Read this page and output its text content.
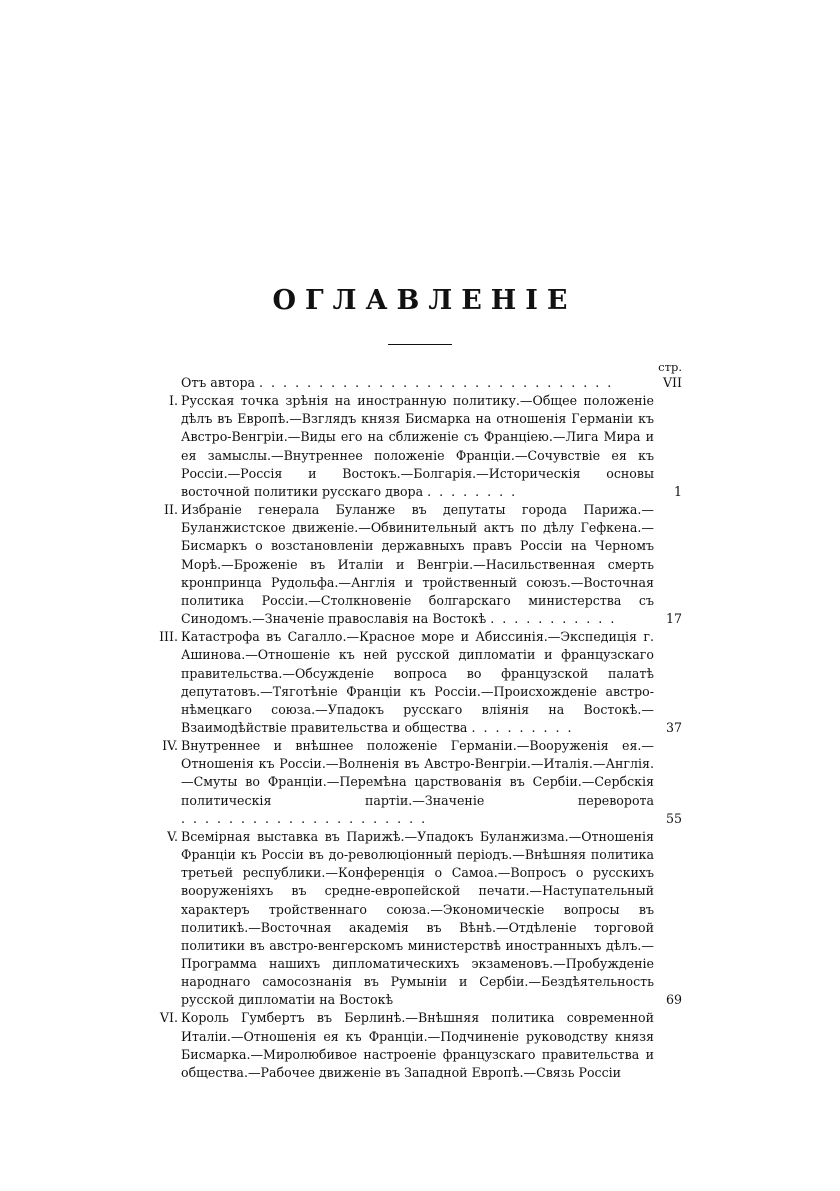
ОГЛАВЛЕНIЕ
стр.
Отъ автора . . . . . . . . . . . . . . . . . . . . . . . . . . . . . .	VII
I. Русская точка зрѣнія на иностранную политику.—Общее положеніе дѣлъ въ Европѣ.—Взглядъ князя Бисмарка на отношенія Германіи къ Австро-Венгріи.—Виды его на сближеніе съ Франціею.—Лига Мира и ея замыслы.—Внутреннее положеніе Франціи.—Сочувствіе ея къ Россіи.—Россія и Востокъ.—Болгарія.—Историческія основы восточной политики русскаго двора . . . . . . . .	1
II. Избраніе генерала Буланже въ депутаты города Парижа.—Буланжистское движеніе.—Обвинительный актъ по дѣлу Гефкена.—Бисмаркъ о возстановленіи державныхъ правъ Россіи на Черномъ Морѣ.—Броженіе въ Италіи и Венгріи.—Насильственная смерть кронпринца Рудольфа.—Англія и тройственный союзъ.—Восточная политика Россіи.—Столкновеніе болгарскаго министерства съ Синодомъ.—Значеніе православія на Востокѣ . . . . . . . . . . .	17
III. Катастрофа въ Сагалло.—Красное море и Абиссинія.—Экспедиція г. Ашинова.—Отношеніе къ ней русской дипломатіи и французскаго правительства.—Обсужденіе вопроса во французской палатѣ депутатовъ.—Тяготѣніе Франціи къ Россіи.—Происхожденіе австро-нѣмецкаго союза.—Упадокъ русскаго вліянія на Востокѣ.—Взаимодѣйствіе правительства и общества . . . . . . . . .	37
IV. Внутреннее и внѣшнее положеніе Германіи.—Вооруженія ея.—Отношенія къ Россіи.—Волненія въ Австро-Венгріи.—Италія.—Англія.—Смуты во Франціи.—Перемѣна царствованія въ Сербіи.—Сербскія политическія партіи.—Значеніе переворота . . . . . . . . . . . . . . . . . . . . .	55
V. Всемірная выставка въ Парижѣ.—Упадокъ Буланжизма.—Отношенія Франціи къ Россіи въ до-революціонный періодъ.—Внѣшняя политика третьей республики.—Конференція о Самоа.—Вопросъ о русскихъ вооруженіяхъ въ средне-европейской печати.—Наступательный характеръ тройственнаго союза.—Экономическіе вопросы въ политикѣ.—Восточная академія въ Вѣнѣ.—Отдѣленіе торговой политики въ австро-венгерскомъ министерствѣ иностранныхъ дѣлъ.—Программа нашихъ дипломатическихъ экзаменовъ.—Пробужденіе народнаго самосознанія въ Румыніи и Сербіи.—Бездѣятельность русской дипломатіи на Востокѣ	69
VI. Король Гумбертъ въ Берлинѣ.—Внѣшняя политика современной Италіи.—Отношенія ея къ Франціи.—Подчиненіе руководству князя Бисмарка.—Миролюбивое настроеніе французскаго правительства и общества.—Рабочее движеніе въ Западной Европѣ.—Связь Россіи
